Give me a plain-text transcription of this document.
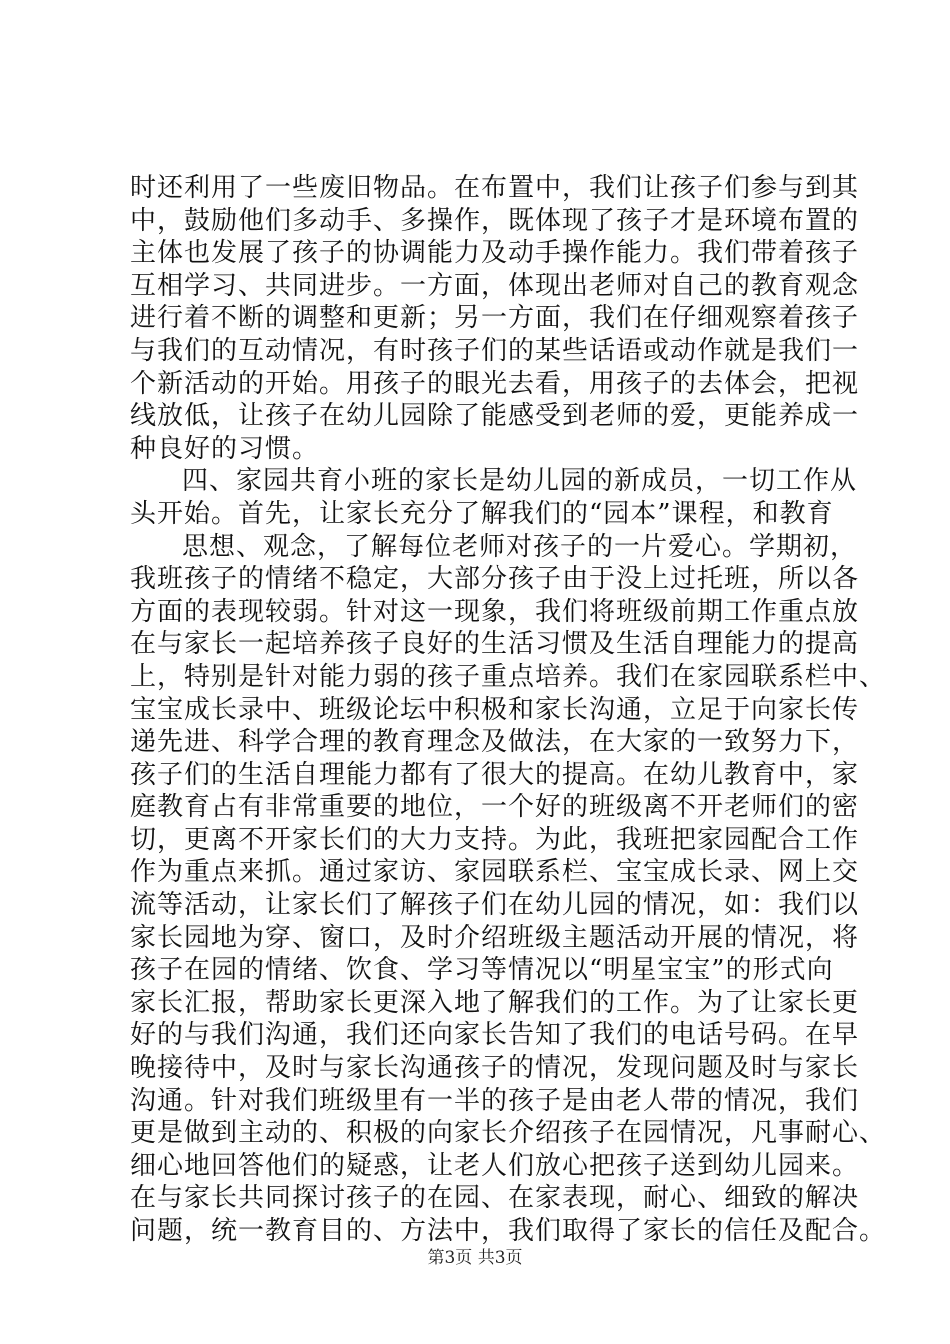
时还利用了一些废旧物品。在布置中，我们让孩子们参与到其
中，鼓励他们多动手、多操作，既体现了孩子才是环境布置的
主体也发展了孩子的协调能力及动手操作能力。我们带着孩子
互相学习、共同进步。一方面，体现出老师对自己的教育观念
进行着不断的调整和更新；另一方面，我们在仔细观察着孩子
与我们的互动情况，有时孩子们的某些话语或动作就是我们一
个新活动的开始。用孩子的眼光去看，用孩子的去体会，把视
线放低，让孩子在幼儿园除了能感受到老师的爱，更能养成一
种良好的习惯。
四、家园共育小班的家长是幼儿园的新成员，一切工作从
头开始。首先，让家长充分了解我们的“园本”课程，和教育
思想、观念，了解每位老师对孩子的一片爱心。学期初，
我班孩子的情绪不稳定，大部分孩子由于没上过托班，所以各
方面的表现较弱。针对这一现象，我们将班级前期工作重点放
在与家长一起培养孩子良好的生活习惯及生活自理能力的提高
上，特别是针对能力弱的孩子重点培养。我们在家园联系栏中、
宝宝成长录中、班级论坛中积极和家长沟通，立足于向家长传
递先进、科学合理的教育理念及做法，在大家的一致努力下，
孩子们的生活自理能力都有了很大的提高。在幼儿教育中，家
庭教育占有非常重要的地位，一个好的班级离不开老师们的密
切，更离不开家长们的大力支持。为此，我班把家园配合工作
作为重点来抓。通过家访、家园联系栏、宝宝成长录、网上交
流等活动，让家长们了解孩子们在幼儿园的情况，如：我们以
家长园地为穿、窗口，及时介绍班级主题活动开展的情况，将
孩子在园的情绪、饮食、学习等情况以“明星宝宝”的形式向
家长汇报，帮助家长更深入地了解我们的工作。为了让家长更
好的与我们沟通，我们还向家长告知了我们的电话号码。在早
晚接待中，及时与家长沟通孩子的情况，发现问题及时与家长
沟通。针对我们班级里有一半的孩子是由老人带的情况，我们
更是做到主动的、积极的向家长介绍孩子在园情况，凡事耐心、
细心地回答他们的疑惑，让老人们放心把孩子送到幼儿园来。
在与家长共同探讨孩子的在园、在家表现，耐心、细致的解决
问题，统一教育目的、方法中，我们取得了家长的信任及配合。
第3页 共3页
